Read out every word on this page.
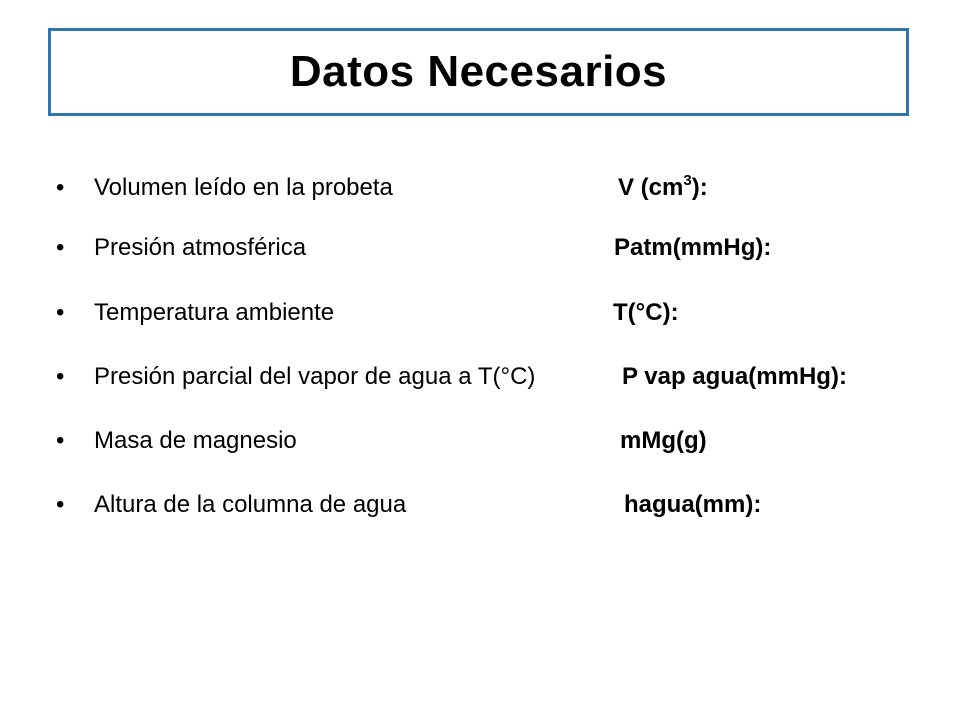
Datos Necesarios
• Volumen leído en la probeta	V $(cm^3)$:
• Presión atmosférica	Patm(mmHg):
• Temperatura ambiente	T(°C):
• Presión parcial del vapor de agua a T(°C)	P vap agua(mmHg):
• Masa de magnesio	mMg(g)
• Altura de la columna de agua	hagua(mm):
